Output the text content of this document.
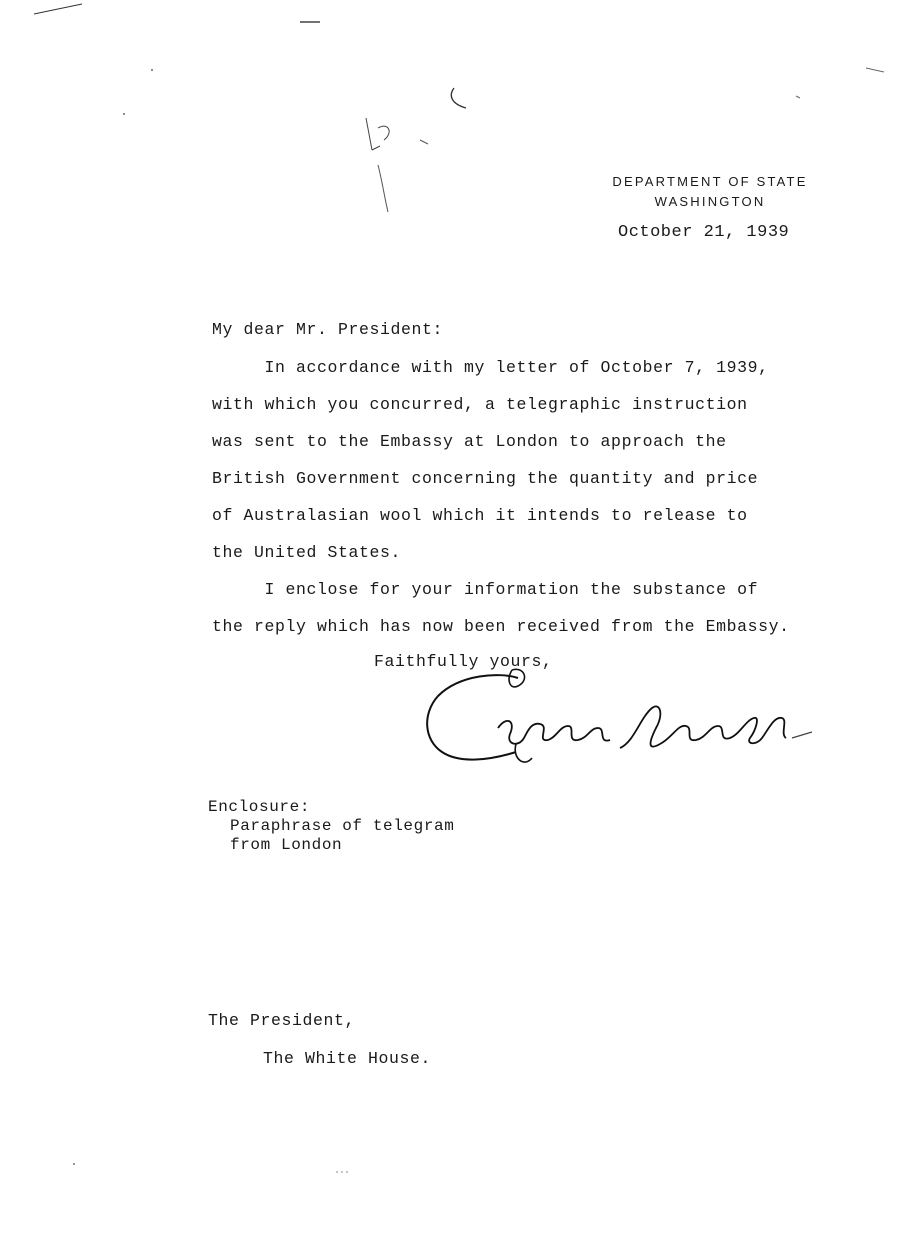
DEPARTMENT OF STATE
WASHINGTON
October 21, 1939
My dear Mr. President:

In accordance with my letter of October 7, 1939,

with which you concurred, a telegraphic instruction

was sent to the Embassy at London to approach the

British Government concerning the quantity and price

of Australasian wool which it intends to release to

the United States.

I enclose for your information the substance of

the reply which has now been received from the Embassy.

Faithfully yours,
Enclosure:
Paraphrase of telegram
from London
The President,
The White House.
